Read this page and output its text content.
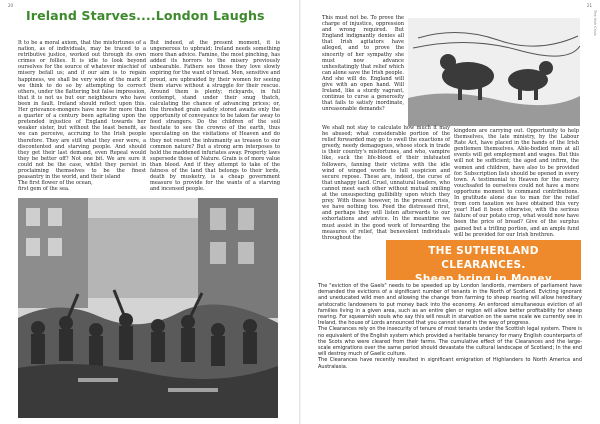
20
Ireland Starves....London Laughs

It to be a moral axiom, that the misfortunes of a nation, as of individuals, may be traced to a retributive justice, worked out through its own crimes or follies. It is idle to look beyond ourselves for the source of whatever mischief of misery befall us; and if our aim is to regain happiness, we shall be very wide of the mark if we think to do so by attempting to correct others, under the flattering but false impression, that it is not us but our neighbours who have been in fault. Ireland should reflect upon this. Her grievance-mongers have now for more than a quarter of a century been agitating upon the pretended injustice of England towards her weaker sister, but without the least benefit, as we can perceive, accruing to the Irish people therefore. They are still what they ever were, a discontented and starving people. And should they get their last demand, even Repeal would they be better off? Not one bit. We are sure it could not be the case, whilst they persist in proclaiming themselves to be the finest peasantry in the world, and their island

The first flower of the ocean,

first gem of the sea.

But indeed, at the present moment, it is ungenerous to upbraid; Ireland needs something more than advice. Famine, the most pinching, has added its horrors to the misery previously unbearable. Fathers see those they love slowly expiring for the want of bread. Men, sensitive and proud, are upbraided by their women for seeing them starve without a struggle for their rescue. Around them is plenty; rickyards, in full contempt, stand under their snug thatch, calculating the chance of advancing prices; or, the threshed grain safely stored awaits only the opportunity of conveyance to be taken far away to feed strangers. Do the children of the soil hesitate to see the crowns of the earth, thus speculating on the visitations of Heaven and do they not resent the inhumanity as treason to our common nature? But a strong arm interposes to hold the maddened infuriates away. Property laws supersede those of Nature. Grain is of more value than blood. And if they attempt to take of the fatness of the land that belongs to their lords, death by musketry, is a cheap government measure to provide for the wants of a starving and incensed people.

21
The Irish Crisis

This must not be. To prove the charge of injustice, oppression and wrong required. But England indignantly denies all that Irish agitators have alleged, and to prove the sincerity of her sympathy she must now advance unhesitatingly that relief which can alone save the Irish people. And she will do. England will give with an open hand. Will Ireland, like a sturdy vagrant, continue to curse a generosity that fails to satisfy inordinate, unreasonable demands?

We shall not stay to calculate how much it may be abused; what considerable portion of the relief forwarded may go to swell the exactions of greedy, needy demagogues, whose stock in trade is their country's misfortunes, and who, vampire like, suck the life-blood of their infatuated followers, fanning their victims with the idle wind of winged words to lull suspicion and secure repose. These are, indeed, the curse of that unhappy land. Cruel, unnatural leaders, who cannot meet each other without mutual smiling at the unsuspecting gullibility upon which they prey. With these however, in the present crisis, we have nothing too. Feed the distressed first, and perhaps they will listen afterwards to our exhortations and advice. In the meantime we must assist in the good work of forwarding the measures of relief, that benevolent individuals throughout the

kingdom are carrying out. Opportunity to help themselves, the late ministry, by the Labour Rate Act, have placed in the hands of the Irish gentlemen themselves. Able-bodied men at all events will get employment and wages. But this will not be sufficient; the aged and infirm, the women and children, have also to be provided for. Subscription lists should be opened in every town. A testimonial to Heaven for the mercy vouchsafed to ourselves could not have a more opportune moment to command contributions. In gratitude alone due to man for the relief from corn taxation we have obtained this very year! Had it been otherwise, with the serious failure of our potato crop, what would now have been the price of bread? Give of the surplus gained but a trifling portion, and an ample fund will be provided for our Irish brethren.

THE SUTHERLAND CLEARANCES.
Sheep bring in Money

The "eviction of the Gaels" needs to be speeded up by London landlords, members of parliament have demanded the evictions of a significant number of tenants in the North of Scotland. Evicting ignorant and uneducated wild men and allowing the change from farming to sheep rearing will allow hereditary aristocratic landowners to put money back into the economy. An enforced simultaneous eviction of all families living in a given area, such as an entire glen or region will allow better profitability for sheep rearing. For squeamish souls who say this will result in starvation on the same scale we currently see in Ireland, the house of Lords announced that you cannot stand in the way of progress.

The Clearances rely on the insecurity of tenure of most tenants under the Scottish legal system. There is no equivalent of the English system which provided a heritable tenancy for many English counterparts of the Scots who were cleared from their farms. The cumulative effect of the Clearances and the large-scale emigrations over the same period should devastate the cultural landscape of Scotland; In the end will destroy much of Gaelic culture.

The Clearances have recently resulted in significant emigration of Highlanders to North America and Australasia.
